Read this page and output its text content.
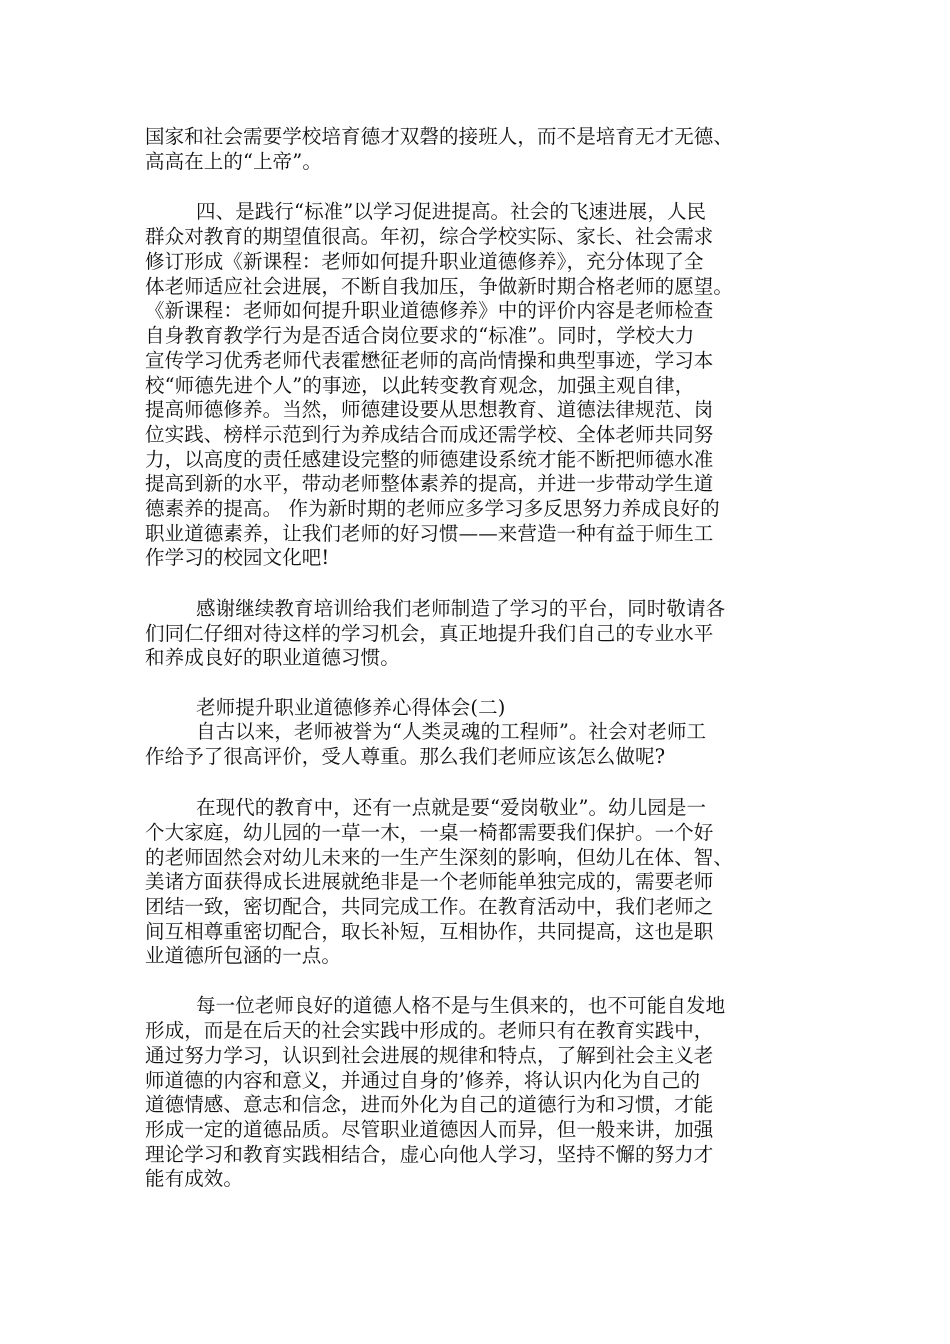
国家和社会需要学校培育德才双磬的接班人，而不是培育无才无德、

高高在上的“上帝”。

四、是践行“标准”以学习促进提高。社会的飞速进展，人民

群众对教育的期望值很高。年初，综合学校实际、家长、社会需求

修订形成《新课程：老师如何提升职业道德修养》，充分体现了全

体老师适应社会进展，不断自我加压，争做新时期合格老师的愿望。

《新课程：老师如何提升职业道德修养》中的评价内容是老师检查

自身教育教学行为是否适合岗位要求的“标准”。同时，学校大力

宣传学习优秀老师代表霍懋征老师的高尚情操和典型事迹，学习本

校“师德先进个人”的事迹，以此转变教育观念，加强主观自律，

提高师德修养。当然，师德建设要从思想教育、道德法律规范、岗

位实践、榜样示范到行为养成结合而成还需学校、全体老师共同努

力，以高度的责任感建设完整的师德建设系统才能不断把师德水准

提高到新的水平，带动老师整体素养的提高，并进一步带动学生道

德素养的提高。 作为新时期的老师应多学习多反思努力养成良好的

职业道德素养，让我们老师的好习惯——来营造一种有益于师生工

作学习的校园文化吧!

感谢继续教育培训给我们老师制造了学习的平台，同时敬请各

们同仁仔细对待这样的学习机会，真正地提升我们自己的专业水平

和养成良好的职业道德习惯。

老师提升职业道德修养心得体会(二)

自古以来，老师被誉为“人类灵魂的工程师”。社会对老师工

作给予了很高评价，受人尊重。那么我们老师应该怎么做呢?

在现代的教育中，还有一点就是要“爱岗敬业”。幼儿园是一

个大家庭，幼儿园的一草一木，一桌一椅都需要我们保护。一个好

的老师固然会对幼儿未来的一生产生深刻的影响，但幼儿在体、智、

美诸方面获得成长进展就绝非是一个老师能单独完成的，需要老师

团结一致，密切配合，共同完成工作。在教育活动中，我们老师之

间互相尊重密切配合，取长补短，互相协作，共同提高，这也是职

业道德所包涵的一点。

每一位老师良好的道德人格不是与生俱来的，也不可能自发地

形成，而是在后天的社会实践中形成的。老师只有在教育实践中，

通过努力学习，认识到社会进展的规律和特点，了解到社会主义老

师道德的内容和意义，并通过自身的’修养，将认识内化为自己的

道德情感、意志和信念，进而外化为自己的道德行为和习惯，才能

形成一定的道德品质。尽管职业道德因人而异，但一般来讲，加强

理论学习和教育实践相结合，虚心向他人学习，坚持不懈的努力才

能有成效。
